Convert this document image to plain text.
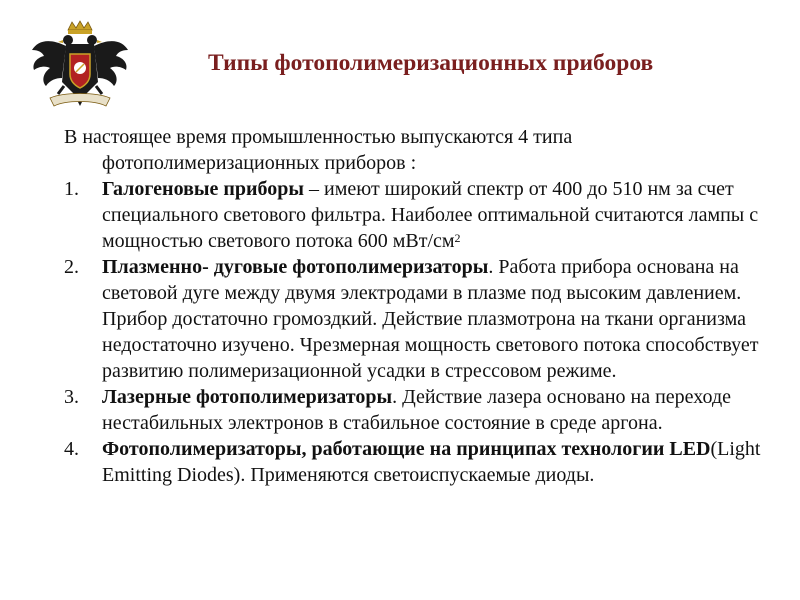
Типы фотополимеризационных приборов

В настоящее время промышленностью выпускаются 4 типа фотополимеризационных приборов :

1. Галогеновые приборы – имеют широкий спектр от 400 до 510 нм за счет специального светового фильтра. Наиболее оптимальной считаются лампы с мощностью светового потока 600 мВт/$см^2$
2. Плазменно- дуговые фотополимеризаторы. Работа прибора основана на световой дуге между двумя электродами в плазме под высоким давлением. Прибор достаточно громоздкий. Действие плазмотрона на ткани организма недостаточно изучено. Чрезмерная мощность светового потока способствует развитию полимеризационной усадки в стрессовом режиме.
3. Лазерные фотополимеризаторы. Действие лазера основано на переходе нестабильных электронов в стабильное состояние в среде аргона.
4. Фотополимеризаторы, работающие на принципах технологии LED(Light Emitting Diodes). Применяются светоиспускаемые диоды.
